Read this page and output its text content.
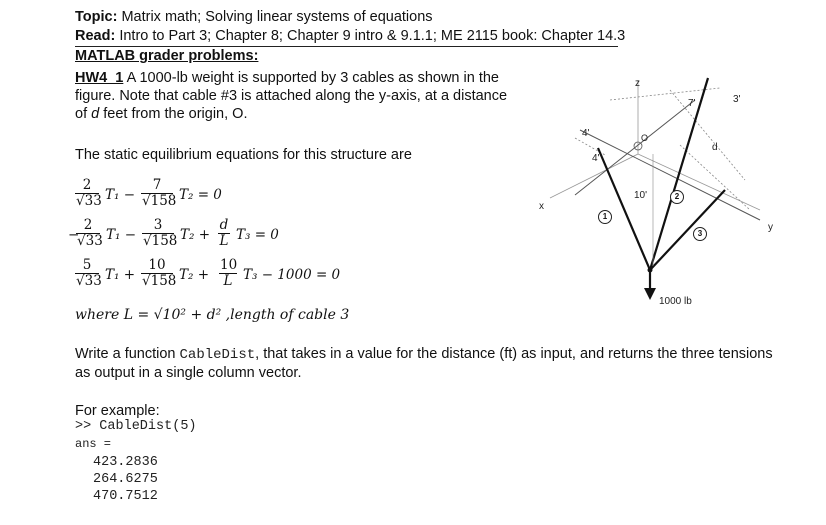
Topic: Matrix math; Solving linear systems of equations
Read: Intro to Part 3; Chapter 8; Chapter 9 intro & 9.1.1; ME 2115 book: Chapter 14.3
MATLAB grader problems:
HW4_1 A 1000-lb weight is supported by 3 cables as shown in the
figure. Note that cable #3 is attached along the y-axis, at a distance
of d feet from the origin, O.
The static equilibrium equations for this structure are
$\frac{2}{√33} T_1 - \frac{7}{√158} T_2 = 0$
−
$\frac{2}{√33} T_1 - \frac{3}{√158} T_2 + \frac{d}{L} T_3 = 0$
$\frac{5}{√33} T_1 + \frac{10}{√158} T_2 + \frac{10}{L} T_3 - 1000 = 0$
where L = √10² + d² ,length of cable 3
z
x
y
O
d
4'
4'
7'	3'
10'
1
2
3
1000 lb
Write a function CableDist, that takes in a value for the distance (ft) as input, and returns the three tensions
as output in a single column vector.
For example:
>> CableDist(5)
ans =
423.2836
264.6275
470.7512
